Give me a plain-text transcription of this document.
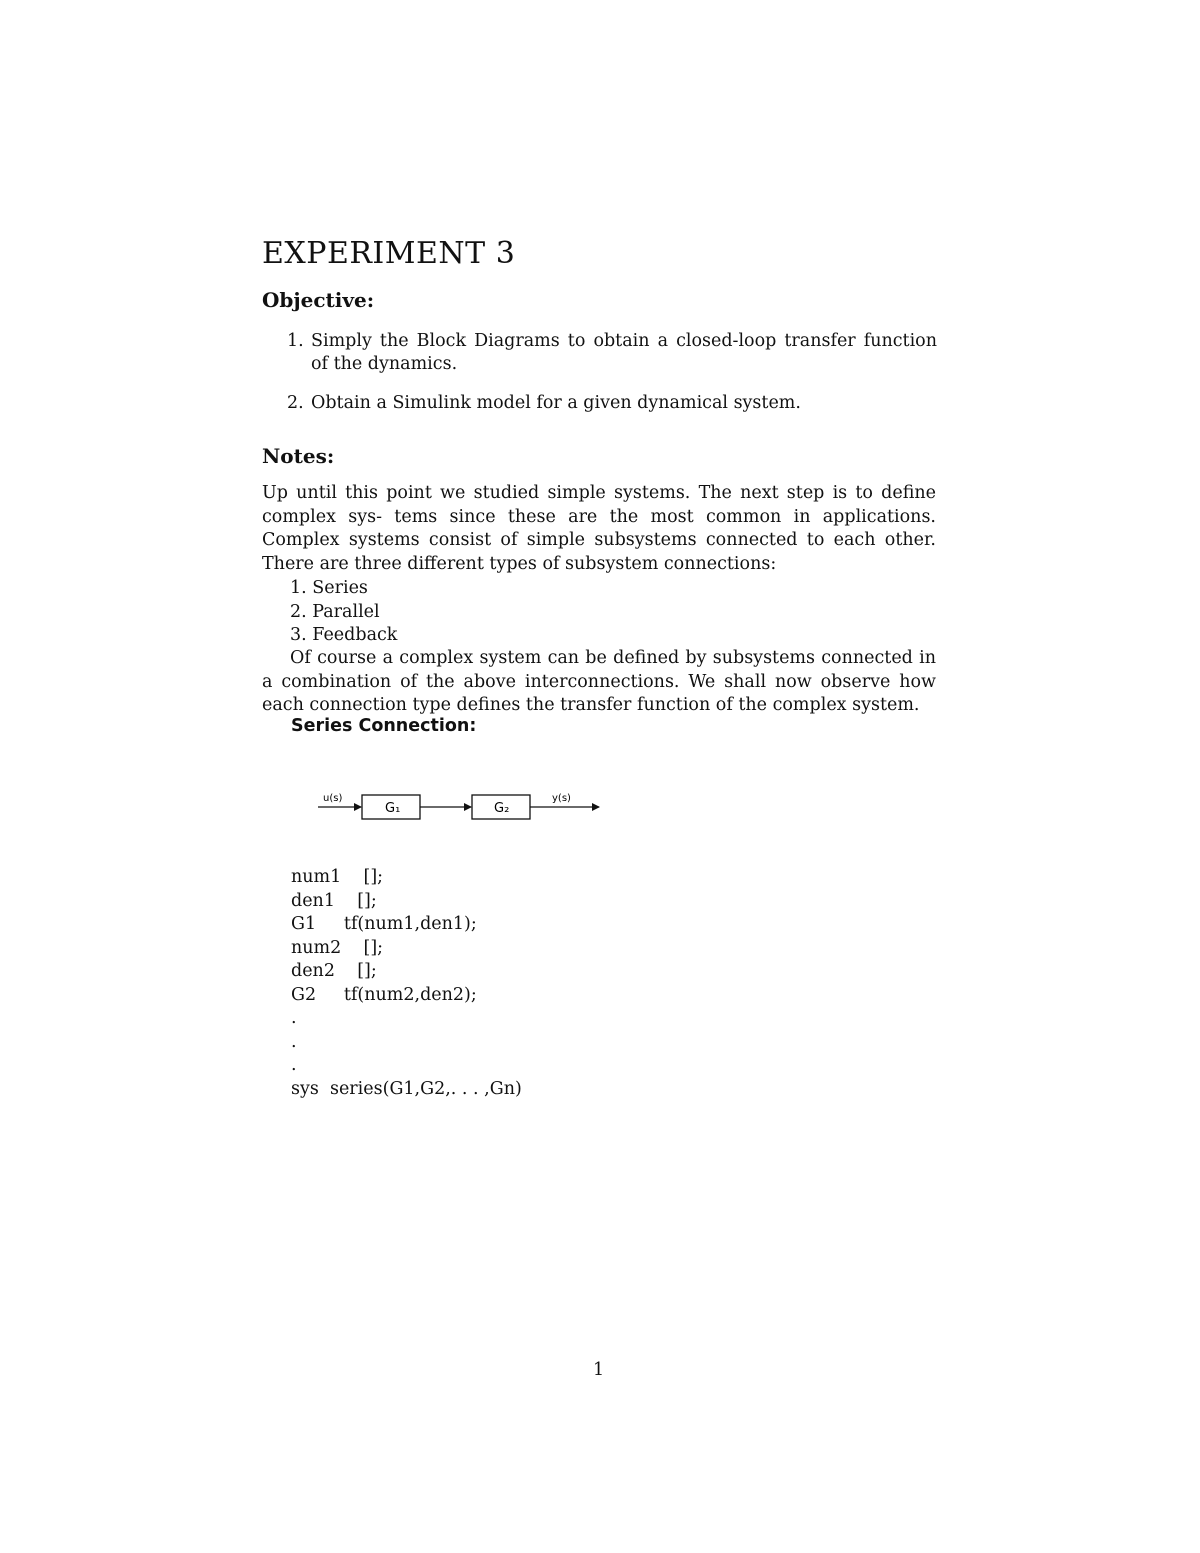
EXPERIMENT 3
Objective:
1. Simply the Block Diagrams to obtain a closed-loop transfer function of the dynamics.
2. Obtain a Simulink model for a given dynamical system.
Notes:
Up until this point we studied simple systems. The next step is to define complex sys- tems since these are the most common in applications. Complex systems consist of simple subsystems connected to each other. There are three different types of subsystem connections:
1. Series
2. Parallel
3. Feedback
Of course a complex system can be defined by subsystems connected in a combination of the above interconnections. We shall now observe how each connection type defines the transfer function of the complex system.
Series Connection:
u(s)
G₁	G₂
y(s)
num1    [];
den1    [];
G1     tf(num1,den1);
num2    [];
den2    [];
G2     tf(num2,den2);
.
.
.
sys  series(G1,G2,. . . ,Gn)
1
